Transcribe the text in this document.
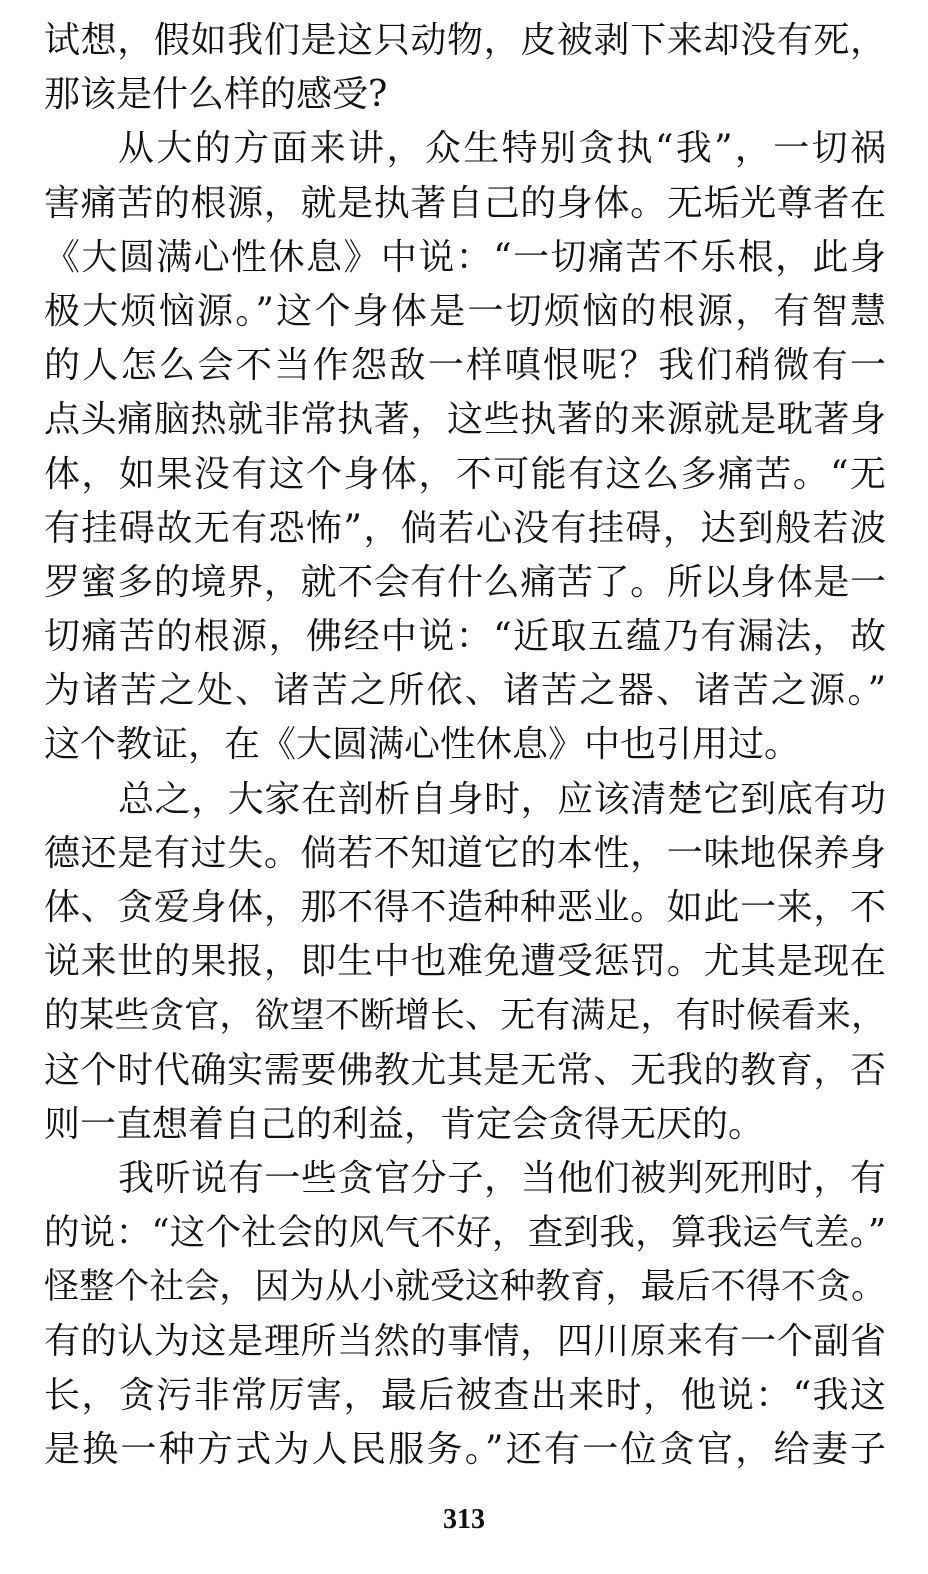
试想，假如我们是这只动物，皮被剥下来却没有死，
那该是什么样的感受?
从大的方面来讲，众生特别贪执“我”，一切祸
害痛苦的根源，就是执著自己的身体。无垢光尊者在
《大圆满心性休息》中说：“一切痛苦不乐根，此身
极大烦恼源。”这个身体是一切烦恼的根源，有智慧
的人怎么会不当作怨敌一样嗔恨呢？我们稍微有一
点头痛脑热就非常执著，这些执著的来源就是耽著身
体，如果没有这个身体，不可能有这么多痛苦。“无
有挂碍故无有恐怖”，倘若心没有挂碍，达到般若波
罗蜜多的境界，就不会有什么痛苦了。所以身体是一
切痛苦的根源，佛经中说：“近取五蕴乃有漏法，故
为诸苦之处、诸苦之所依、诸苦之器、诸苦之源。”
这个教证，在《大圆满心性休息》中也引用过。
总之，大家在剖析自身时，应该清楚它到底有功
德还是有过失。倘若不知道它的本性，一味地保养身
体、贪爱身体，那不得不造种种恶业。如此一来，不
说来世的果报，即生中也难免遭受惩罚。尤其是现在
的某些贪官，欲望不断增长、无有满足，有时候看来，
这个时代确实需要佛教尤其是无常、无我的教育，否
则一直想着自己的利益，肯定会贪得无厌的。
我听说有一些贪官分子，当他们被判死刑时，有
的说：“这个社会的风气不好，查到我，算我运气差。”
怪整个社会，因为从小就受这种教育，最后不得不贪。
有的认为这是理所当然的事情，四川原来有一个副省
长，贪污非常厉害，最后被查出来时，他说：“我这
是换一种方式为人民服务。”还有一位贪官，给妻子
313
